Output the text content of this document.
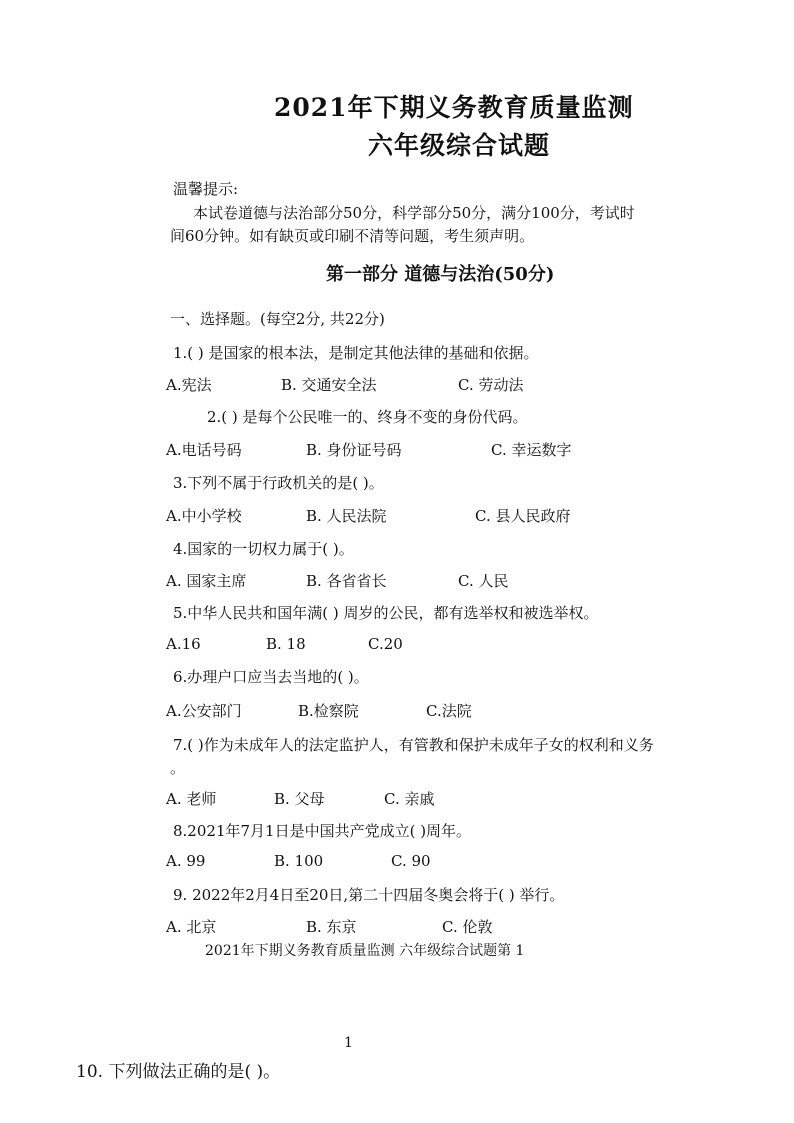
2021年下期义务教育质量监测
六年级综合试题
温馨提示:
本试卷道德与法治部分50分，科学部分50分，满分100分，考试时
间60分钟。如有缺页或印刷不清等问题，考生须声明。
第一部分 道德与法治(50分)
一、选择题。(每空2分, 共22分)
1.( ) 是国家的根本法，是制定其他法律的基础和依据。
A.宪法	B. 交通安全法	C. 劳动法
2.( ) 是每个公民唯一的、终身不变的身份代码。
A.电话号码	B. 身份证号码	C. 幸运数字
3.下列不属于行政机关的是( )。
A.中小学校	B. 人民法院	C. 县人民政府
4.国家的一切权力属于( )。
A. 国家主席	B. 各省省长	C. 人民
5.中华人民共和国年满( ) 周岁的公民，都有选举权和被选举权。
A.16	B. 18	C.20
6.办理户口应当去当地的( )。
A.公安部门	B.检察院	C.法院
7.( )作为未成年人的法定监护人，有管教和保护未成年子女的权利和义务
。
A. 老师	B. 父母	C. 亲戚
8.2021年7月1日是中国共产党成立( )周年。
A. 99	B. 100	C. 90
9. 2022年2月4日至20日,第二十四届冬奥会将于( ) 举行。
A. 北京	B. 东京	C. 伦敦
2021年下期义务教育质量监测 六年级综合试题第 1
1
10. 下列做法正确的是( )。
